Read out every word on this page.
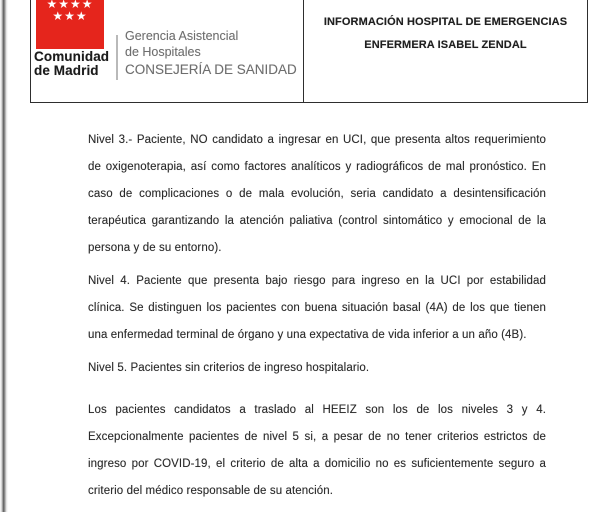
★★★★
★★★
Comunidad
de Madrid
Gerencia Asistencial
de Hospitales
CONSEJERÍA DE SANIDAD
INFORMACIÓN HOSPITAL DE EMERGENCIAS
ENFERMERA ISABEL ZENDAL

Nivel 3.- Paciente, NO candidato a ingresar en UCI, que presenta altos requerimiento de oxigenoterapia, así como factores analíticos y radiográficos de mal pronóstico. En caso de complicaciones o de mala evolución, seria candidato a desintensificación terapéutica garantizando la atención paliativa (control sintomático y emocional de la persona y de su entorno).

Nivel 4. Paciente que presenta bajo riesgo para ingreso en la UCI por estabilidad clínica. Se distinguen los pacientes con buena situación basal (4A) de los que tienen una enfermedad terminal de órgano y una expectativa de vida inferior a un año (4B).

Nivel 5. Pacientes sin criterios de ingreso hospitalario.

Los pacientes candidatos a traslado al HEEIZ son los de los niveles 3 y 4. Excepcionalmente pacientes de nivel 5 si, a pesar de no tener criterios estrictos de ingreso por COVID-19, el criterio de alta a domicilio no es suficientemente seguro a criterio del médico responsable de su atención.
